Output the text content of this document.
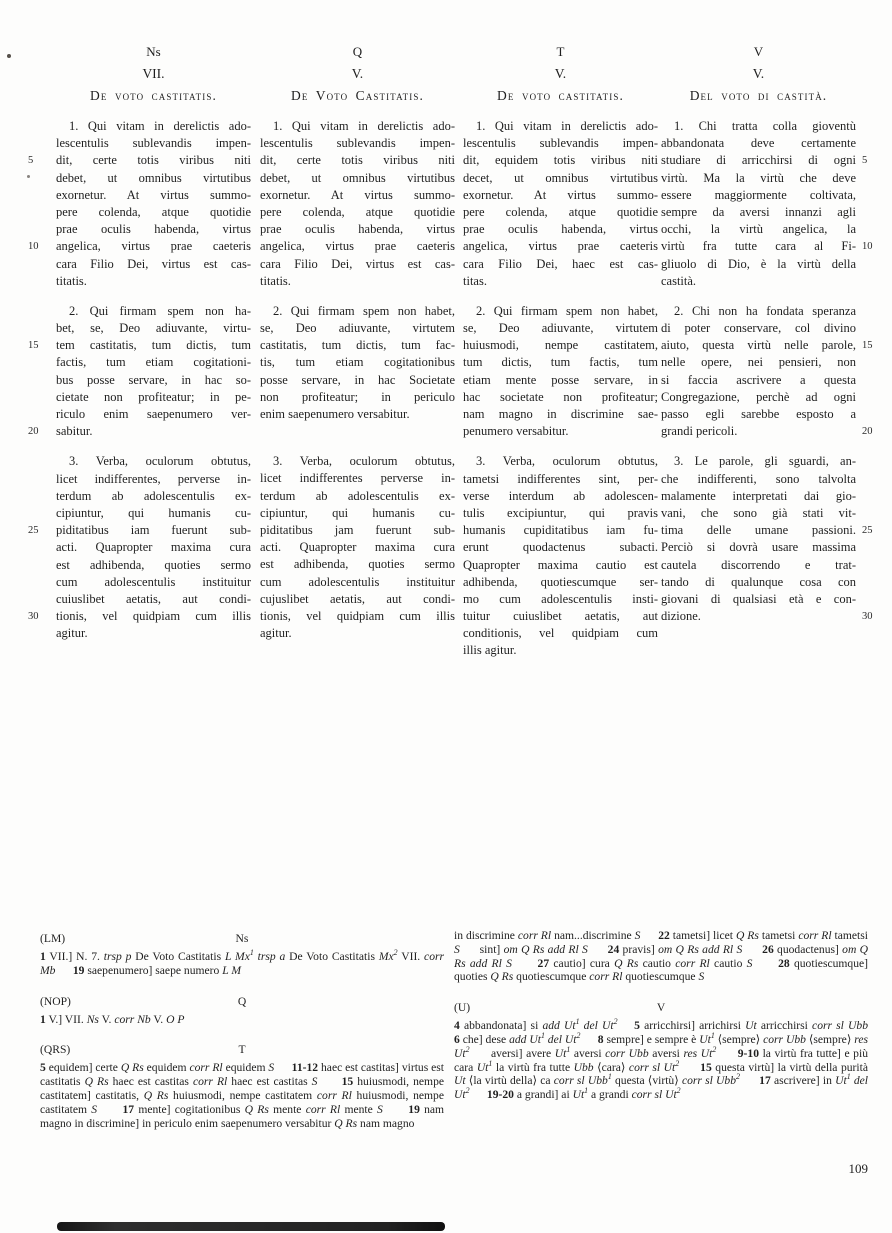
Ns
VII.
De voto castitatis.
1. Qui vitam in derelictis ado-
lescentulis sublevandis impen-
dit, certe totis viribus niti
5
debet, ut omnibus virtutibus
exornetur. At virtus summo-
pere colenda, atque quotidie
prae oculis habenda, virtus
angelica, virtus prae caeteris
10
cara Filio Dei, virtus est cas-
titatis.
2. Qui firmam spem non ha-
bet, se, Deo adiuvante, virtu-
tem castitatis, tum dictis, tum
15
factis, tum etiam cogitationi-
bus posse servare, in hac so-
cietate non profiteatur; in pe-
riculo enim saepenumero ver-
sabitur.
20
3. Verba, oculorum obtutus,
licet indifferentes, perverse in-
terdum ab adolescentulis ex-
cipiuntur, qui humanis cu-
piditatibus iam fuerunt sub-
25
acti. Quapropter maxima cura
est adhibenda, quoties sermo
cum adolescentulis instituitur
cuiuslibet aetatis, aut condi-
tionis, vel quidpiam cum illis
30
agitur.
Q
V.
De Voto Castitatis.
1. Qui vitam in derelictis ado-
lescentulis sublevandis impen-
dit, certe totis viribus niti
debet, ut omnibus virtutibus
exornetur. At virtus summo-
pere colenda, atque quotidie
prae oculis habenda, virtus
angelica, virtus prae caeteris
cara Filio Dei, virtus est cas-
titatis.
2. Qui firmam spem non habet,
se, Deo adiuvante, virtutem
castitatis, tum dictis, tum fac-
tis, tum etiam cogitationibus
posse servare, in hac Societate
non profiteatur; in periculo
enim saepenumero versabitur.
3. Verba, oculorum obtutus,
licet indifferentes perverse in-
terdum ab adolescentulis ex-
cipiuntur, qui humanis cu-
piditatibus jam fuerunt sub-
acti. Quapropter maxima cura
est adhibenda, quoties sermo
cum adolescentulis instituitur
cujuslibet aetatis, aut condi-
tionis, vel quidpiam cum illis
agitur.
T
V.
De voto castitatis.
1. Qui vitam in derelictis ado-
lescentulis sublevandis impen-
dit, equidem totis viribus niti
decet, ut omnibus virtutibus
exornetur. At virtus summo-
pere colenda, atque quotidie
prae oculis habenda, virtus
angelica, virtus prae caeteris
cara Filio Dei, haec est cas-
titas.
2. Qui firmam spem non habet,
se, Deo adiuvante, virtutem
huiusmodi, nempe castitatem,
tum dictis, tum factis, tum
etiam mente posse servare, in
hac societate non profiteatur;
nam magno in discrimine sae-
penumero versabitur.
3. Verba, oculorum obtutus,
tametsi indifferentes sint, per-
verse interdum ab adolescen-
tulis excipiuntur, qui pravis
humanis cupiditatibus iam fu-
erunt quodactenus subacti.
Quapropter maxima cautio est
adhibenda, quotiescumque ser-
mo cum adolescentulis insti-
tuitur cuiuslibet aetatis, aut
conditionis, vel quidpiam cum
illis agitur.
V
V.
Del voto di castità.
1. Chi tratta colla gioventù
abbandonata deve certamente
studiare di arricchirsi di ogni 5
virtù. Ma la virtù che deve
essere maggiormente coltivata,
sempre da aversi innanzi agli
occhi, la virtù angelica, la
virtù fra tutte cara al Fi- 10
gliuolo di Dio, è la virtù della
castità.
2. Chi non ha fondata speranza
di poter conservare, col divino
aiuto, questa virtù nelle parole, 15
nelle opere, nei pensieri, non
si faccia ascrivere a questa
Congregazione, perchè ad ogni
passo egli sarebbe esposto a
grandi pericoli.	20
3. Le parole, gli sguardi, an-
che indifferenti, sono talvolta
malamente interpretati dai gio-
vani, che sono già stati vit-
tima delle umane passioni. 25
Perciò si dovrà usare massima
cautela discorrendo e trat-
tando di qualunque cosa con
giovani di qualsiasi età e con-
dizione.	30
(LM)	Ns
1 VII.] N. 7. trsp p De Voto Castitatis L Mx$^1$ trsp a De Voto Castitatis Mx$^2$ VII. corr Mb 19 saepenumero] saepe numero L M
(NOP)	Q
1 V.] VII. Ns V. corr Nb V. O P
(QRS)	T
5 equidem] certe Q Rs equidem corr Rl equidem S 11-12 haec est castitas] virtus est castitatis Q Rs haec est castitas corr Rl haec est castitas S 15 huiusmodi, nempe castitatem] castitatis, Q Rs huiusmodi, nempe castitatem corr Rl huiusmodi, nempe castitatem S 17 mente] cogitationibus Q Rs mente corr Rl mente S 19 nam magno in discrimine] in periculo enim saepenumero versabitur Q Rs nam magno
in discrimine corr Rl nam...discrimine S 22 tametsi] licet Q Rs tametsi corr Rl tametsi S      sint] om Q Rs add Rl S 24 pravis] om Q Rs add Rl S 26 quodactenus] om Q Rs add Rl S 27 cautio] cura Q Rs cautio corr Rl cautio S 28 quotiescumque] quoties Q Rs quotiescumque corr Rl quotiescumque S
(U)	V
4 abbandonata] si add Ut$^1$ del Ut$^2$ 5 arricchirsi] arrichirsi Ut arricchirsi corr sl Ubb      6 che] dese add Ut$^1$ del Ut$^2$ 8 sempre] e sempre è Ut$^1$ ⟨sempre⟩ corr Ubb ⟨sempre⟩ res Ut$^2$      aversi] avere Ut$^1$ aversi corr Ubb aversi res Ut$^2$ 9-10 la virtù fra tutte] e più cara Ut$^1$ la virtù fra tutte Ubb ⟨cara⟩ corr sl Ut$^2$ 15 questa virtù] la virtù della purità Ut ⟨la virtù della⟩ ca corr sl Ubb$^1$ questa ⟨virtù⟩ corr sl Ubb$^2$ 17 ascrivere] in Ut$^1$ del Ut$^2$ 19-20 a grandi] ai Ut$^1$ a grandi corr sl Ut$^2$
109
